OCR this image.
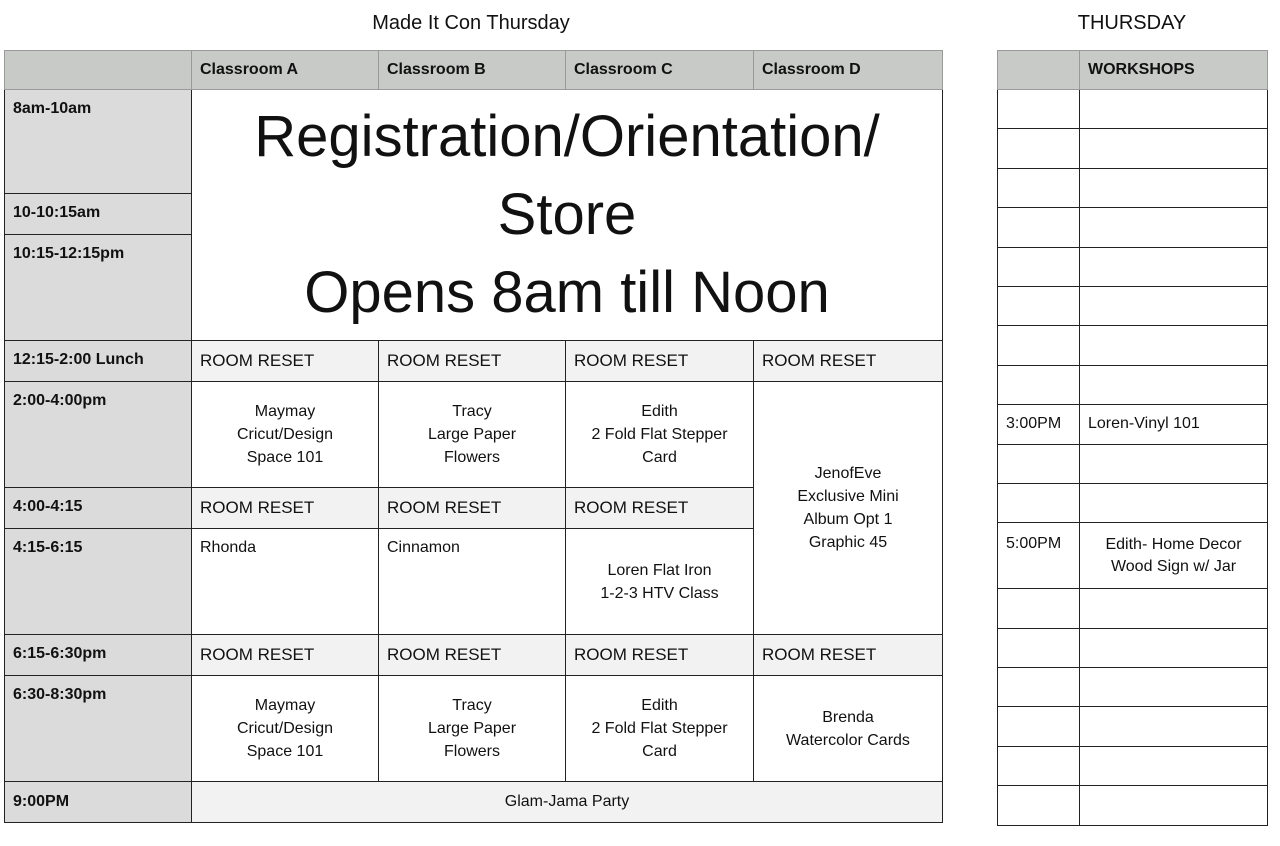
Made It Con Thursday	THURSDAY
	Classroom A	Classroom B	Classroom C	Classroom D
8am-10am	Registration/Orientation/
Store
Opens 8am till Noon			
10-10:15am				
10:15-12:15pm				
12:15-2:00 Lunch	ROOM RESET	ROOM RESET	ROOM RESET	ROOM RESET
2:00-4:00pm	Maymay
Cricut/Design
Space 101	Tracy
Large Paper
Flowers	Edith
2 Fold Flat Stepper
Card	JenofEve
Exclusive Mini
Album Opt 1
Graphic 45
4:00-4:15	ROOM RESET	ROOM RESET	ROOM RESET	
4:15-6:15	Rhonda	Cinnamon	Loren Flat Iron
1-2-3 HTV Class	
6:15-6:30pm	ROOM RESET	ROOM RESET	ROOM RESET	ROOM RESET
6:30-8:30pm	Maymay
Cricut/Design
Space 101	Tracy
Large Paper
Flowers	Edith
2 Fold Flat Stepper
Card	Brenda
Watercolor Cards
9:00PM	Glam-Jama Party			
	WORKSHOPS

3:00PM	Loren-Vinyl 101

5:00PM	Edith- Home Decor
Wood Sign w/ Jar
